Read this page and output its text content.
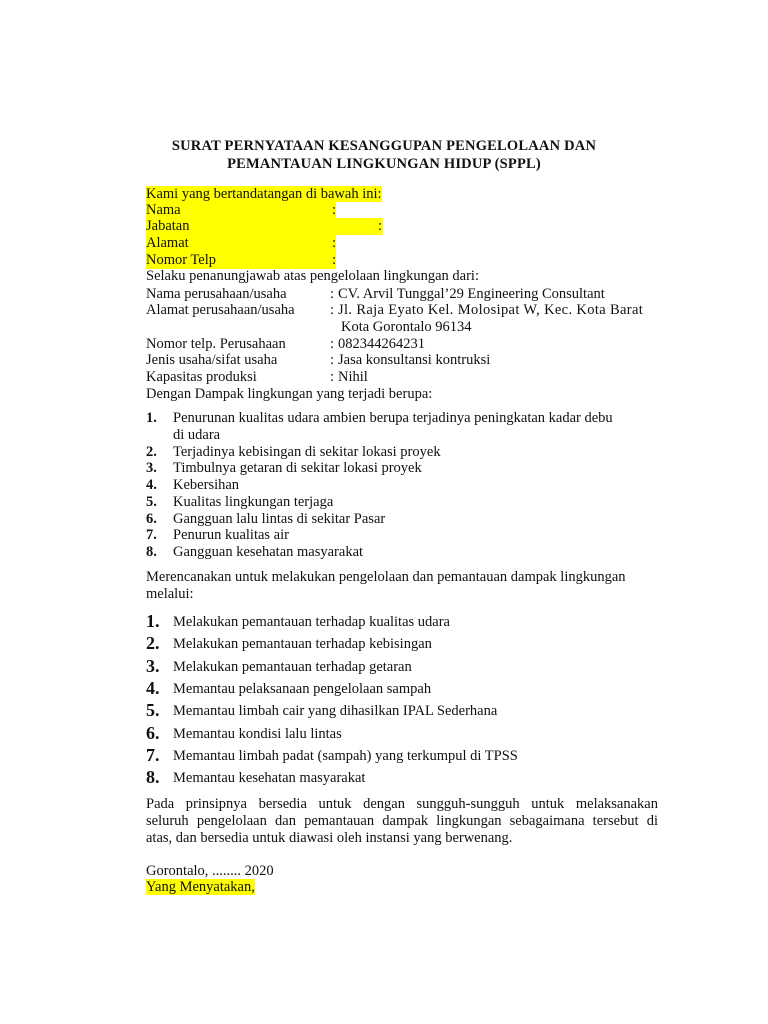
SURAT PERNYATAAN KESANGGUPAN PENGELOLAAN DAN
PEMANTAUAN LINGKUNGAN HIDUP (SPPL)
Kami yang bertandatangan di bawah ini:
Nama	:
Jabatan	:
Alamat	:
Nomor Telp	:
Selaku penanungjawab atas pengelolaan lingkungan dari:
Nama perusahaan/usaha	: CV. Arvil Tunggal’29 Engineering Consultant
Alamat perusahaan/usaha : Jl. Raja Eyato Kel. Molosipat W, Kec. Kota Barat
Kota Gorontalo 96134
Nomor telp. Perusahaan	: 082344264231
Jenis usaha/sifat usaha	: Jasa konsultansi kontruksi
Kapasitas produksi	: Nihil
Dengan Dampak lingkungan yang terjadi berupa:
1. Penurunan kualitas udara ambien berupa terjadinya peningkatan kadar debu
di udara
2. Terjadinya kebisingan di sekitar lokasi proyek
3. Timbulnya getaran di sekitar lokasi proyek
4. Kebersihan
5. Kualitas lingkungan terjaga
6. Gangguan lalu lintas di sekitar Pasar
7. Penurun kualitas air
8. Gangguan kesehatan masyarakat
Merencanakan untuk melakukan pengelolaan dan pemantauan dampak lingkungan
melalui:
1. Melakukan pemantauan terhadap kualitas udara
2. Melakukan pemantauan terhadap kebisingan
3. Melakukan pemantauan terhadap getaran
4. Memantau pelaksanaan pengelolaan sampah
5. Memantau limbah cair yang dihasilkan IPAL Sederhana
6. Memantau kondisi lalu lintas
7. Memantau limbah padat (sampah) yang terkumpul di TPSS
8. Memantau kesehatan masyarakat
Pada prinsipnya bersedia untuk dengan sungguh-sungguh untuk melaksanakan
seluruh pengelolaan dan pemantauan dampak lingkungan sebagaimana tersebut di
atas, dan bersedia untuk diawasi oleh instansi yang berwenang.
Gorontalo, ........ 2020
Yang Menyatakan,
